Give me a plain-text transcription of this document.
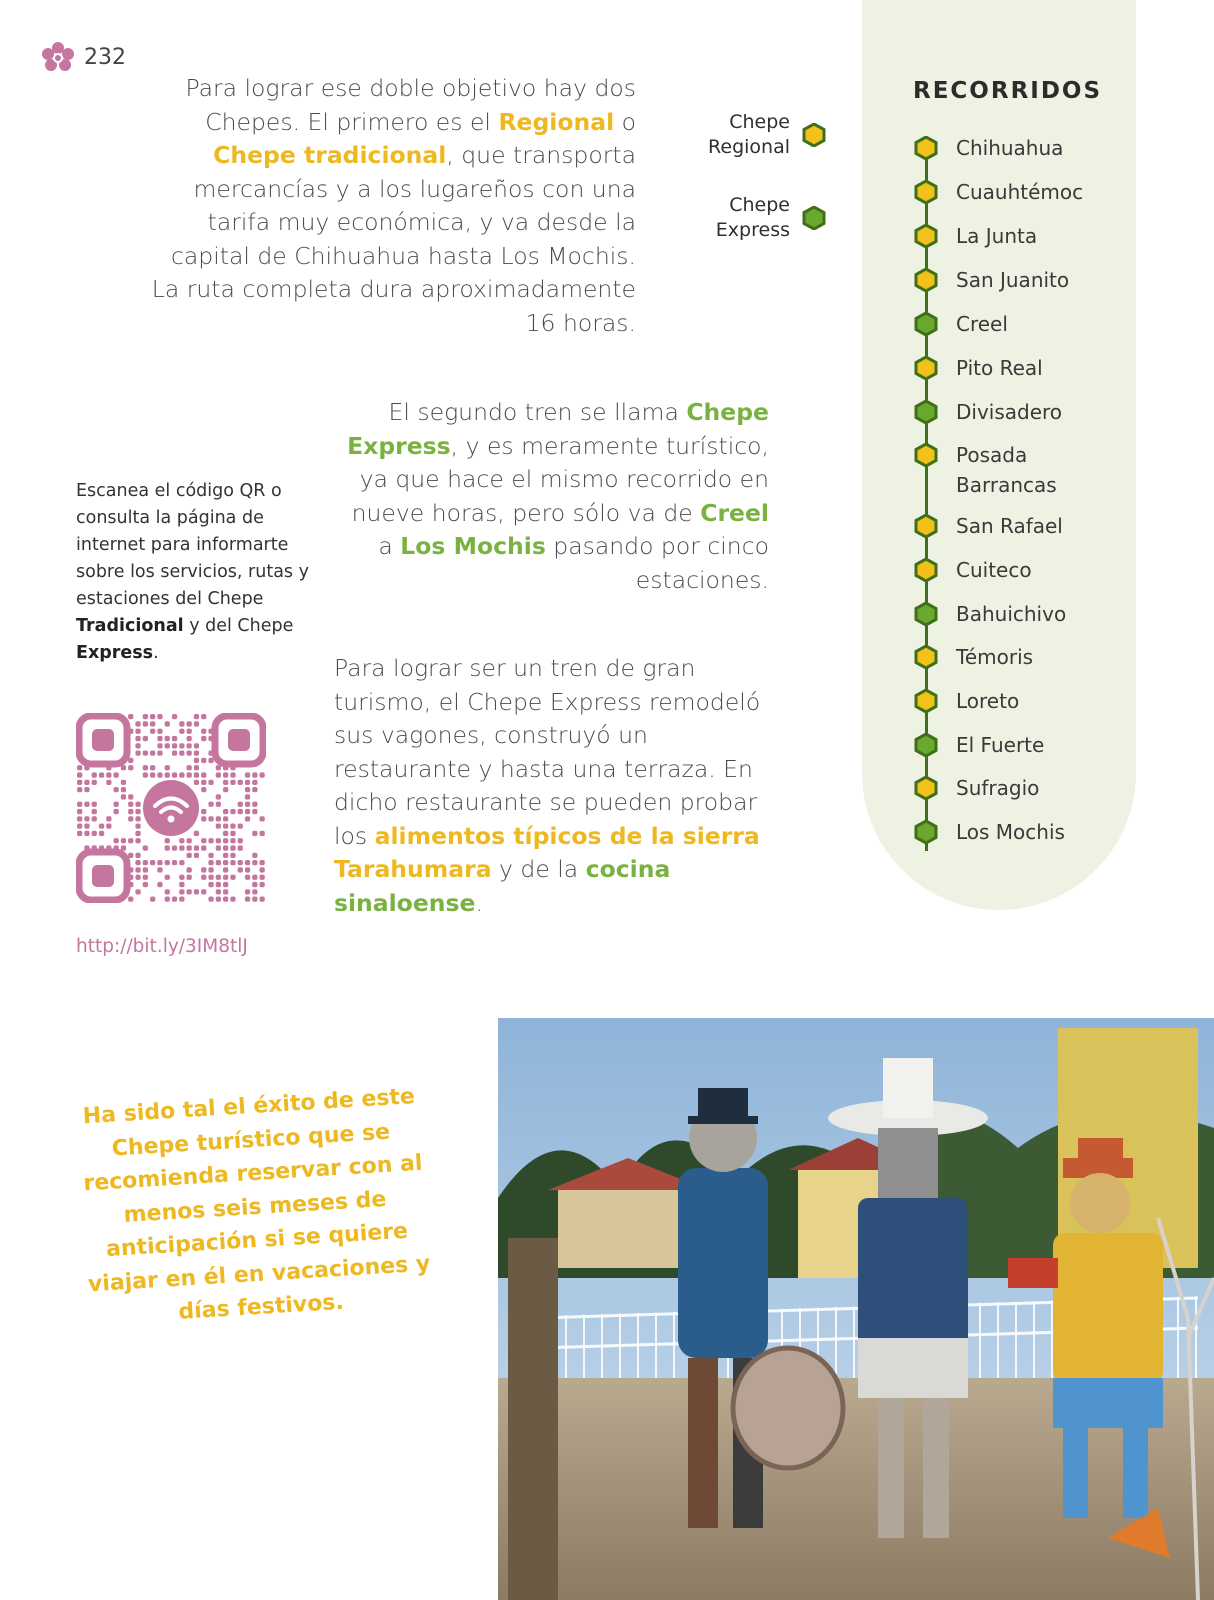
232
Para lograr ese doble objetivo hay dos Chepes. El primero es el Regional o Chepe tradicional, que transporta mercancías y a los lugareños con una tarifa muy económica, y va desde la capital de Chihuahua hasta Los Mochis. La ruta completa dura aproximadamente 16 horas.
Chepe
Regional
Chepe
Express
RECORRIDOS
Chihuahua
Cuauhtémoc
La Junta
San Juanito
Creel
Pito Real
Divisadero
Posada Barrancas
San Rafael
Cuiteco
Bahuichivo
Témoris
Loreto
El Fuerte
Sufragio
Los Mochis
El segundo tren se llama Chepe Express, y es meramente turístico, ya que hace el mismo recorrido en nueve horas, pero sólo va de Creel a Los Mochis pasando por cinco estaciones.
Escanea el código QR o consulta la página de internet para informarte sobre los servicios, rutas y estaciones del Chepe Tradicional y del Chepe Express.
http://bit.ly/3IM8tlJ
Para lograr ser un tren de gran turismo, el Chepe Express remodeló sus vagones, construyó un restaurante y hasta una terraza. En dicho restaurante se pueden probar los alimentos típicos de la sierra Tarahumara y de la cocina sinaloense.
Ha sido tal el éxito de este Chepe turístico que se recomienda reservar con al menos seis meses de anticipación si se quiere viajar en él en vacaciones y días festivos.
